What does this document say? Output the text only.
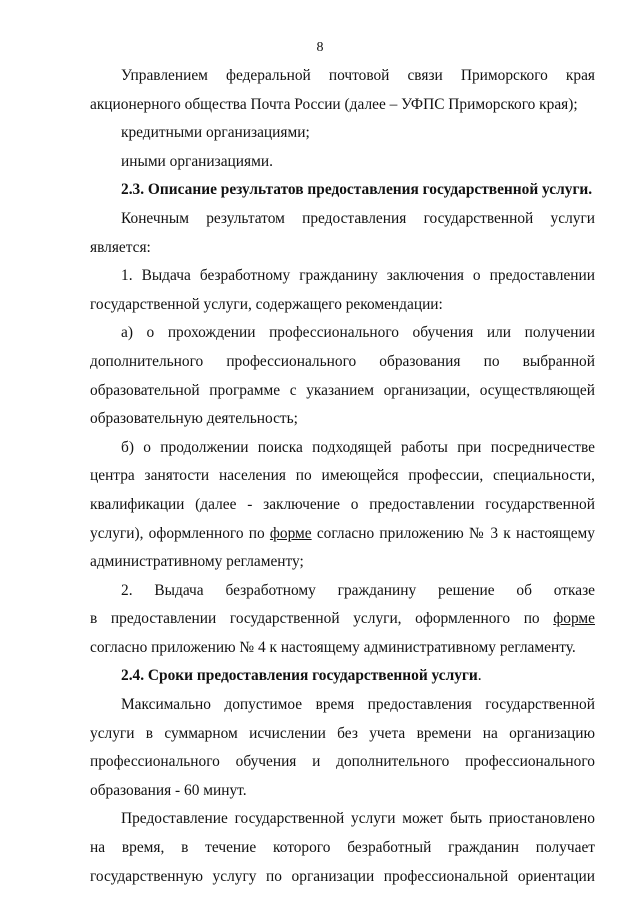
8

Управлением федеральной почтовой связи Приморского края акционерного общества Почта России (далее – УФПС Приморского края);

кредитными организациями;

иными организациями.

2.3. Описание результатов предоставления государственной услуги.

Конечным результатом предоставления государственной услуги является:

1. Выдача безработному гражданину заключения о предоставлении государственной услуги, содержащего рекомендации:

а) о прохождении профессионального обучения или получении дополнительного профессионального образования по выбранной образовательной программе с указанием организации, осуществляющей образовательную деятельность;

б) о продолжении поиска подходящей работы при посредничестве центра занятости населения по имеющейся профессии, специальности, квалификации (далее - заключение о предоставлении государственной услуги), оформленного по форме согласно приложению № 3 к настоящему административному регламенту;

2. Выдача безработному гражданину решение об отказе

в предоставлении государственной услуги, оформленного по форме согласно приложению № 4 к настоящему административному регламенту.

2.4. Сроки предоставления государственной услуги.

Максимально допустимое время предоставления государственной услуги в суммарном исчислении без учета времени на организацию профессионального обучения и дополнительного профессионального образования - 60 минут.

Предоставление государственной услуги может быть приостановлено на время, в течение которого безработный гражданин получает государственную услугу по организации профессиональной ориентации
